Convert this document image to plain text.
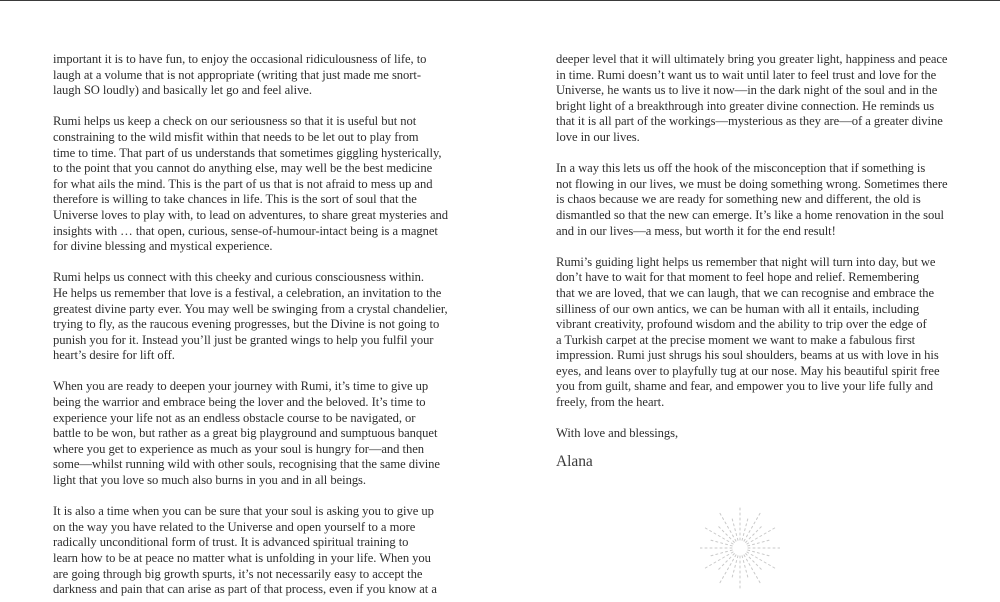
important it is to have fun, to enjoy the occasional ridiculousness of life, to
laugh at a volume that is not appropriate (writing that just made me snort-
laugh SO loudly) and basically let go and feel alive.
Rumi helps us keep a check on our seriousness so that it is useful but not
constraining to the wild misfit within that needs to be let out to play from
time to time. That part of us understands that sometimes giggling hysterically,
to the point that you cannot do anything else, may well be the best medicine
for what ails the mind. This is the part of us that is not afraid to mess up and
therefore is willing to take chances in life. This is the sort of soul that the
Universe loves to play with, to lead on adventures, to share great mysteries and
insights with … that open, curious, sense-of-humour-intact being is a magnet
for divine blessing and mystical experience.
Rumi helps us connect with this cheeky and curious consciousness within.
He helps us remember that love is a festival, a celebration, an invitation to the
greatest divine party ever. You may well be swinging from a crystal chandelier,
trying to fly, as the raucous evening progresses, but the Divine is not going to
punish you for it. Instead you’ll just be granted wings to help you fulfil your
heart’s desire for lift off.
When you are ready to deepen your journey with Rumi, it’s time to give up
being the warrior and embrace being the lover and the beloved. It’s time to
experience your life not as an endless obstacle course to be navigated, or
battle to be won, but rather as a great big playground and sumptuous banquet
where you get to experience as much as your soul is hungry for—and then
some—whilst running wild with other souls, recognising that the same divine
light that you love so much also burns in you and in all beings.
It is also a time when you can be sure that your soul is asking you to give up
on the way you have related to the Universe and open yourself to a more
radically unconditional form of trust. It is advanced spiritual training to
learn how to be at peace no matter what is unfolding in your life. When you
are going through big growth spurts, it’s not necessarily easy to accept the
darkness and pain that can arise as part of that process, even if you know at a
deeper level that it will ultimately bring you greater light, happiness and peace
in time. Rumi doesn’t want us to wait until later to feel trust and love for the
Universe, he wants us to live it now—in the dark night of the soul and in the
bright light of a breakthrough into greater divine connection. He reminds us
that it is all part of the workings—mysterious as they are—of a greater divine
love in our lives.
In a way this lets us off the hook of the misconception that if something is
not flowing in our lives, we must be doing something wrong. Sometimes there
is chaos because we are ready for something new and different, the old is
dismantled so that the new can emerge. It’s like a home renovation in the soul
and in our lives—a mess, but worth it for the end result!
Rumi’s guiding light helps us remember that night will turn into day, but we
don’t have to wait for that moment to feel hope and relief. Remembering
that we are loved, that we can laugh, that we can recognise and embrace the
silliness of our own antics, we can be human with all it entails, including
vibrant creativity, profound wisdom and the ability to trip over the edge of
a Turkish carpet at the precise moment we want to make a fabulous first
impression. Rumi just shrugs his soul shoulders, beams at us with love in his
eyes, and leans over to playfully tug at our nose. May his beautiful spirit free
you from guilt, shame and fear, and empower you to live your life fully and
freely, from the heart.
With love and blessings,
Alana
